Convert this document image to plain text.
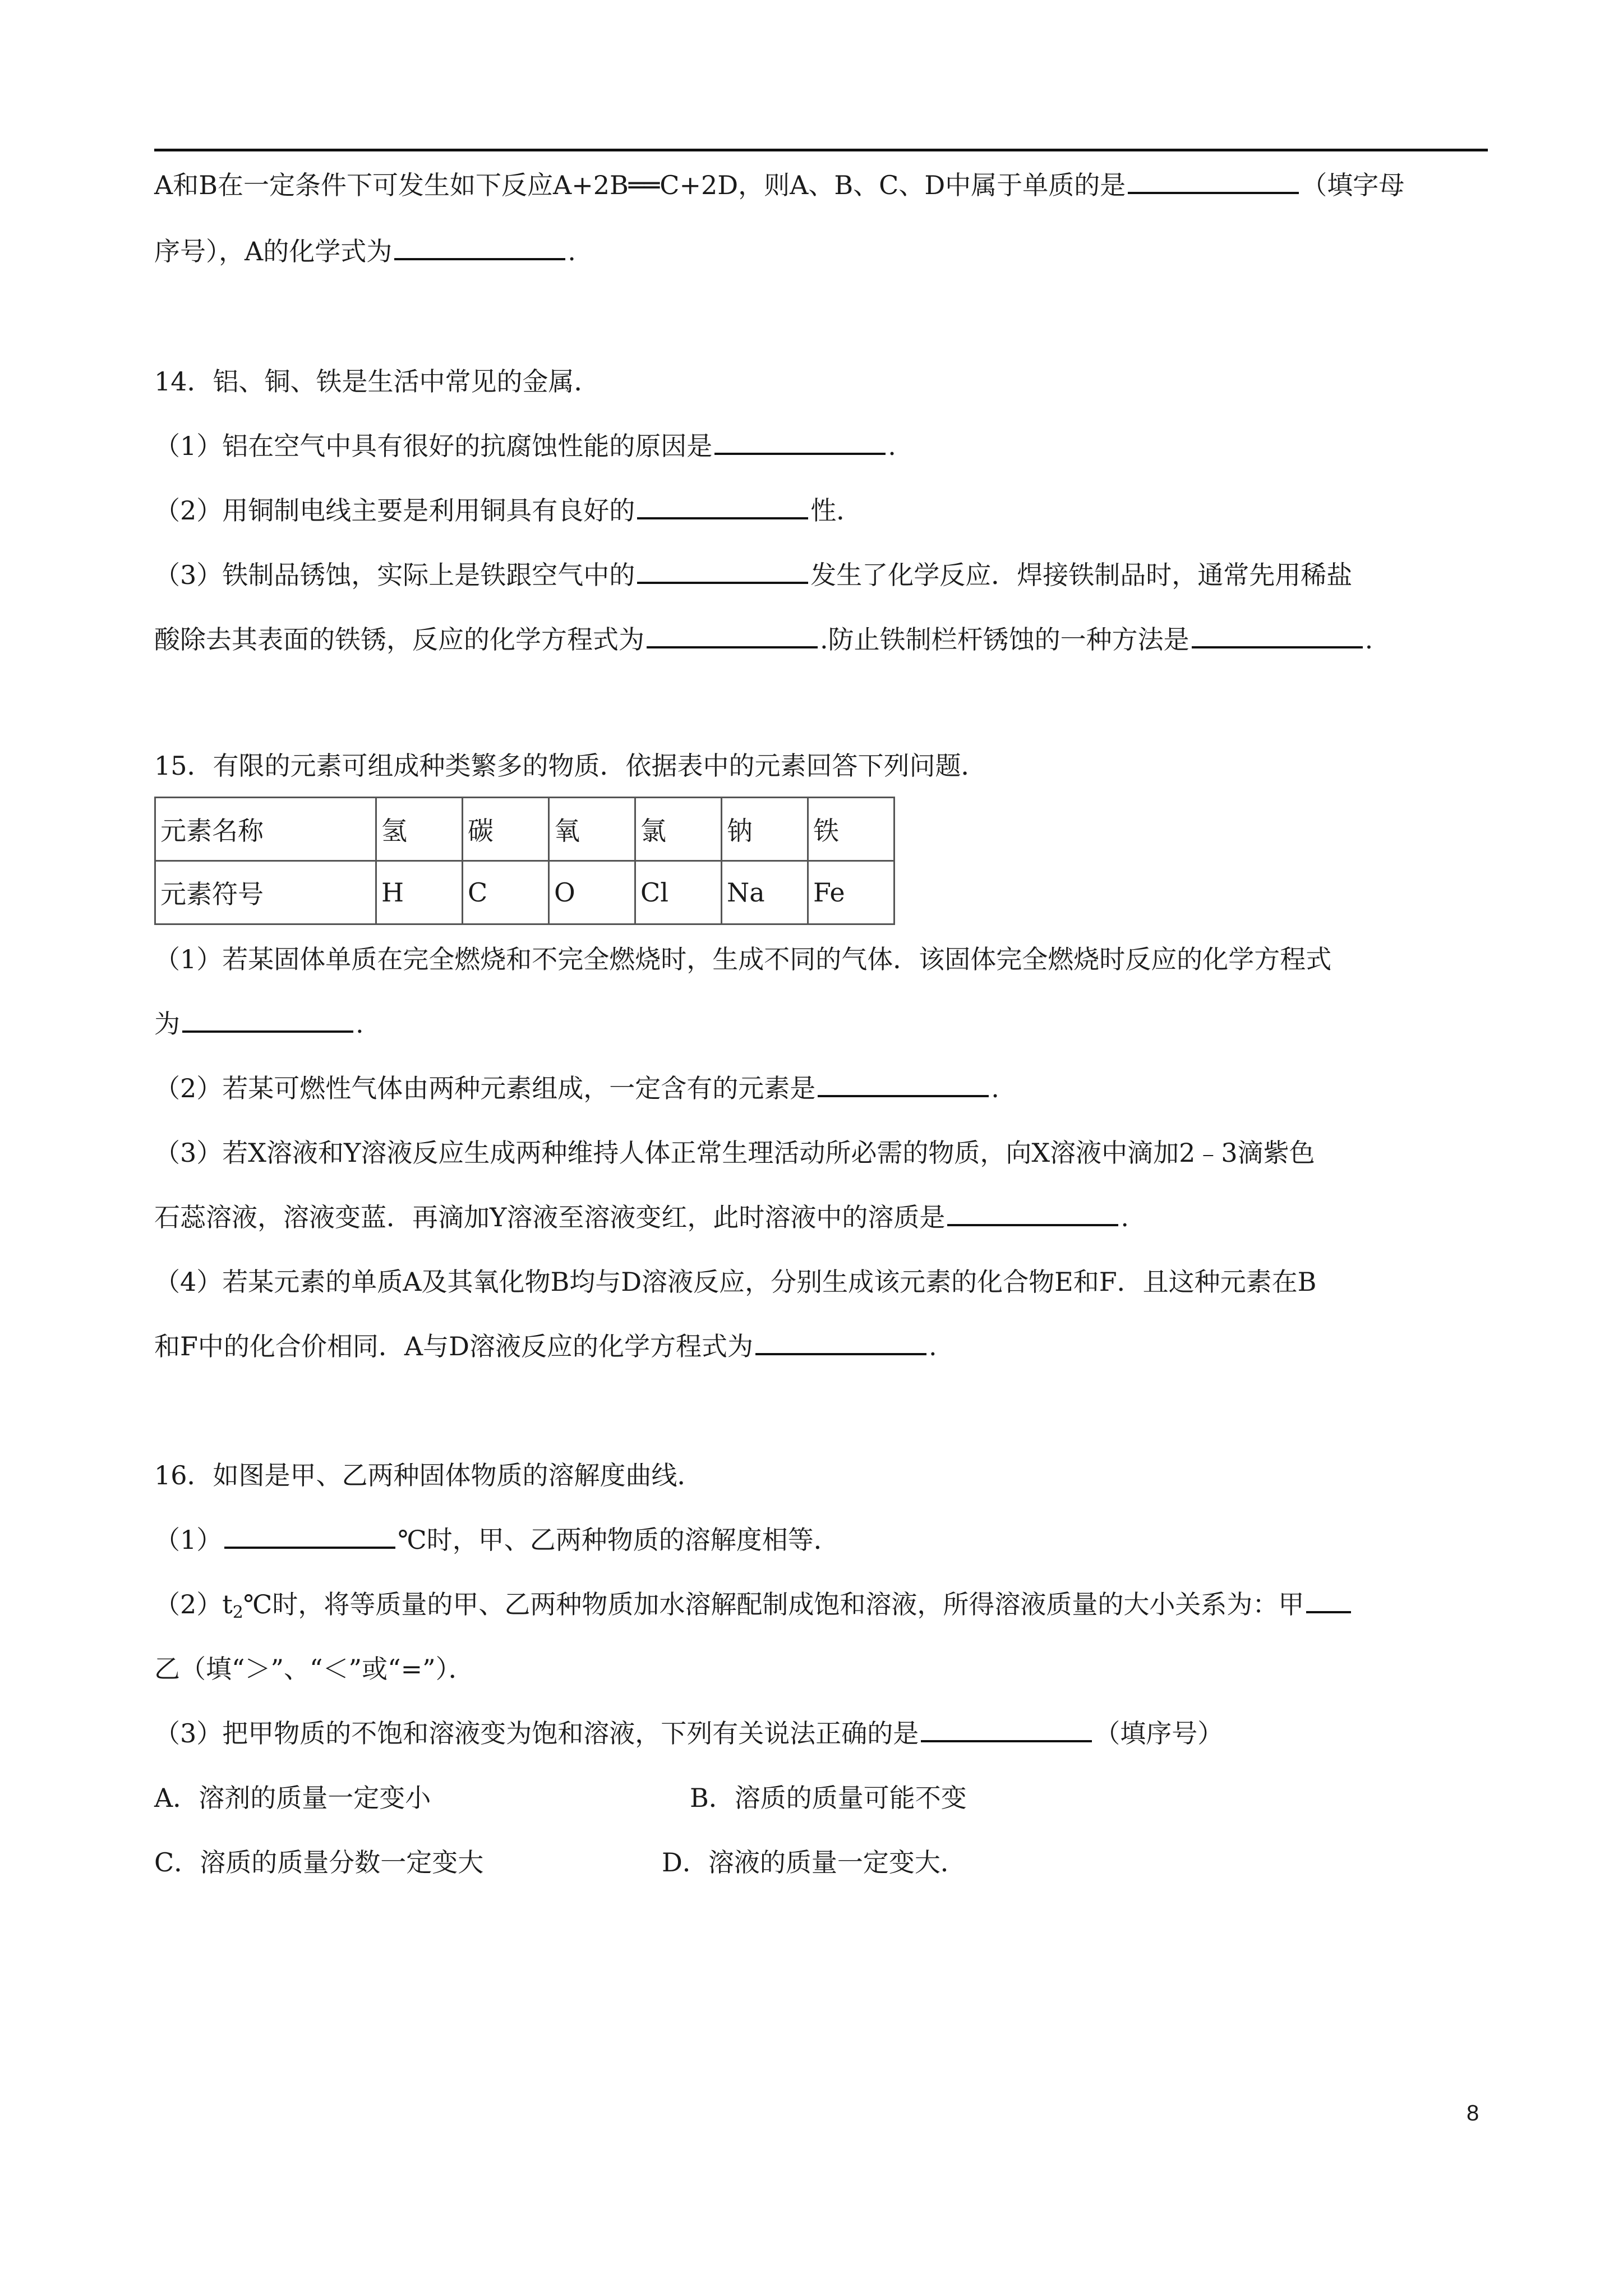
A和B在一定条件下可发生如下反应A+2B══C+2D，则A、B、C、D中属于单质的是	（填字母
序号），A的化学式为	.
14．铝、铜、铁是生活中常见的金属．
（1）铝在空气中具有很好的抗腐蚀性能的原因是	.
（2）用铜制电线主要是利用铜具有良好的	性．
（3）铁制品锈蚀，实际上是铁跟空气中的	发生了化学反应．焊接铁制品时，通常先用稀盐
酸除去其表面的铁锈，反应的化学方程式为	.防止铁制栏杆锈蚀的一种方法是	.
15．有限的元素可组成种类繁多的物质．依据表中的元素回答下列问题．
元素名称	氢	碳	氧	氯	钠	铁
元素符号	H	C	O	Cl	Na	Fe
（1）若某固体单质在完全燃烧和不完全燃烧时，生成不同的气体．该固体完全燃烧时反应的化学方程式
为	.
（2）若某可燃性气体由两种元素组成，一定含有的元素是	.
（3）若X溶液和Y溶液反应生成两种维持人体正常生理活动所必需的物质，向X溶液中滴加2﹣3滴紫色
石蕊溶液，溶液变蓝．再滴加Y溶液至溶液变红，此时溶液中的溶质是	.
（4）若某元素的单质A及其氧化物B均与D溶液反应，分别生成该元素的化合物E和F．且这种元素在B
和F中的化合价相同．A与D溶液反应的化学方程式为	.
16．如图是甲、乙两种固体物质的溶解度曲线．
（1）	℃时，甲、乙两种物质的溶解度相等．
$(2)t_2℃$时，将等质量的甲、乙两种物质加水溶解配制成饱和溶液，所得溶液质量的大小关系为：甲
乙（填“＞”、“＜”或“=”）．
（3）把甲物质的不饱和溶液变为饱和溶液，下列有关说法正确的是	（填序号）
A．溶剂的质量一定变小	B．溶质的质量可能不变
C．溶质的质量分数一定变大	D．溶液的质量一定变大．
8
